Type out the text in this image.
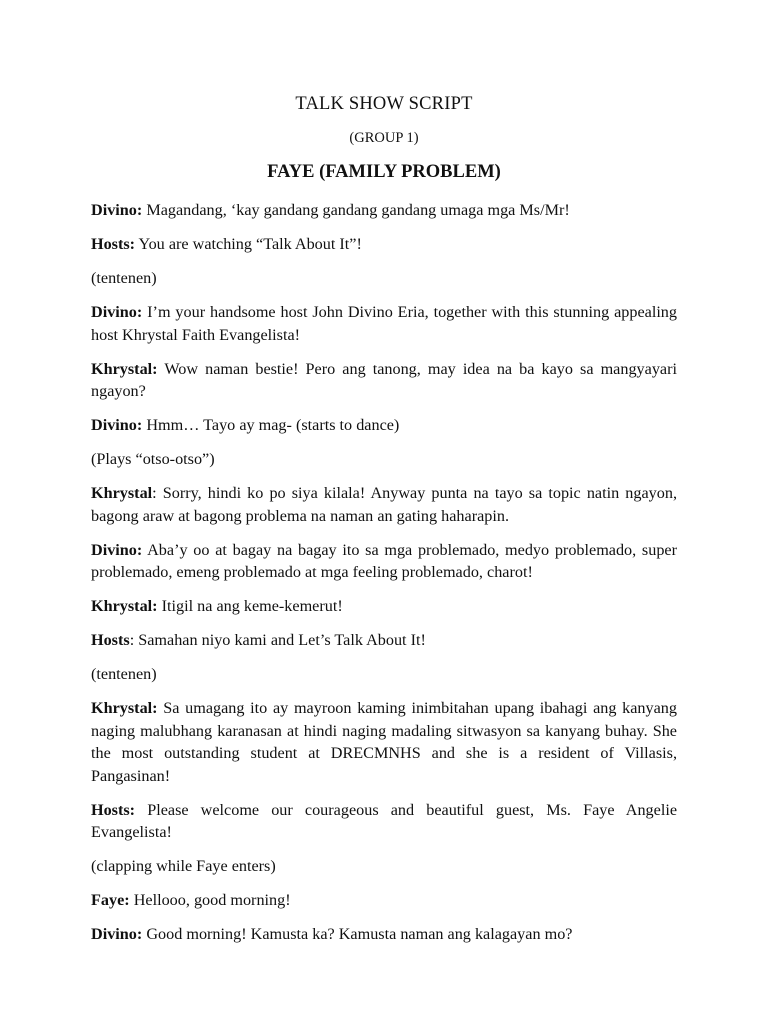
TALK SHOW SCRIPT
(GROUP 1)
FAYE (FAMILY PROBLEM)

Divino: Magandang, ‘kay gandang gandang gandang umaga mga Ms/Mr!

Hosts: You are watching “Talk About It”!

(tentenen)

Divino: I’m your handsome host John Divino Eria, together with this stunning appealing host Khrystal Faith Evangelista!

Khrystal: Wow naman bestie! Pero ang tanong, may idea na ba kayo sa mangyayari ngayon?

Divino: Hmm… Tayo ay mag- (starts to dance)

(Plays “otso-otso”)

Khrystal: Sorry, hindi ko po siya kilala! Anyway punta na tayo sa topic natin ngayon, bagong araw at bagong problema na naman an gating haharapin.

Divino: Aba’y oo at bagay na bagay ito sa mga problemado, medyo problemado, super problemado, emeng problemado at mga feeling problemado, charot!

Khrystal: Itigil na ang keme-kemerut!

Hosts: Samahan niyo kami and Let’s Talk About It!

(tentenen)

Khrystal: Sa umagang ito ay mayroon kaming inimbitahan upang ibahagi ang kanyang naging malubhang karanasan at hindi naging madaling sitwasyon sa kanyang buhay. She the most outstanding student at DRECMNHS and she is a resident of Villasis, Pangasinan!

Hosts: Please welcome our courageous and beautiful guest, Ms. Faye Angelie Evangelista!

(clapping while Faye enters)

Faye: Hellooo, good morning!

Divino: Good morning! Kamusta ka? Kamusta naman ang kalagayan mo?
